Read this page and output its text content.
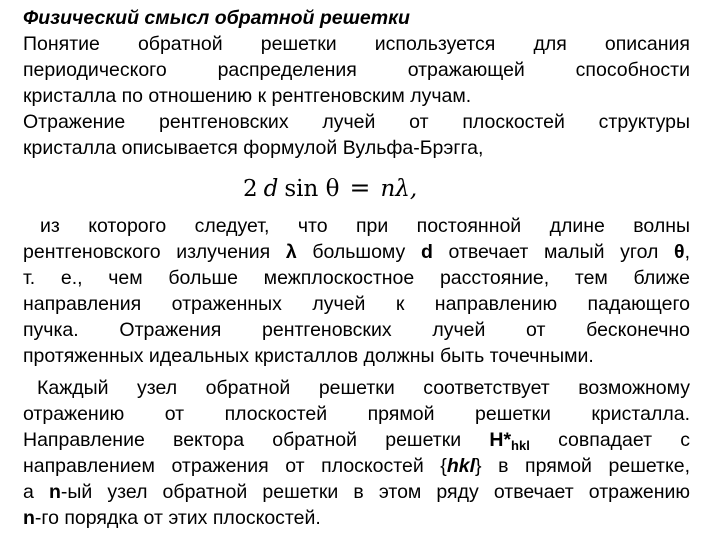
Физический смысл обратной решетки
Понятие обратной решетки используется для описания
периодического распределения отражающей способности
кристалла по отношению к рентгеновским лучам.
Отражение рентгеновских лучей от плоскостей структуры
кристалла описывается формулой Вульфа-Брэгга,
2 d sin θ = nλ,
из которого следует, что при постоянной длине волны
рентгеновского излучения λ большому d отвечает малый угол θ,
т. е., чем больше межплоскостное расстояние, тем ближе
направления отраженных лучей к направлению падающего
пучка. Отражения рентгеновских лучей от бесконечно
протяженных идеальных кристаллов должны быть точечными.
Каждый узел обратной решетки соответствует возможному
отражению от плоскостей прямой решетки кристалла.
Направление вектора обратной решетки $H*_{hkl}$ совпадает с
направлением отражения от плоскостей {hkl} в прямой решетке,
а n-ый узел обратной решетки в этом ряду отвечает отражению
n-го порядка от этих плоскостей.
